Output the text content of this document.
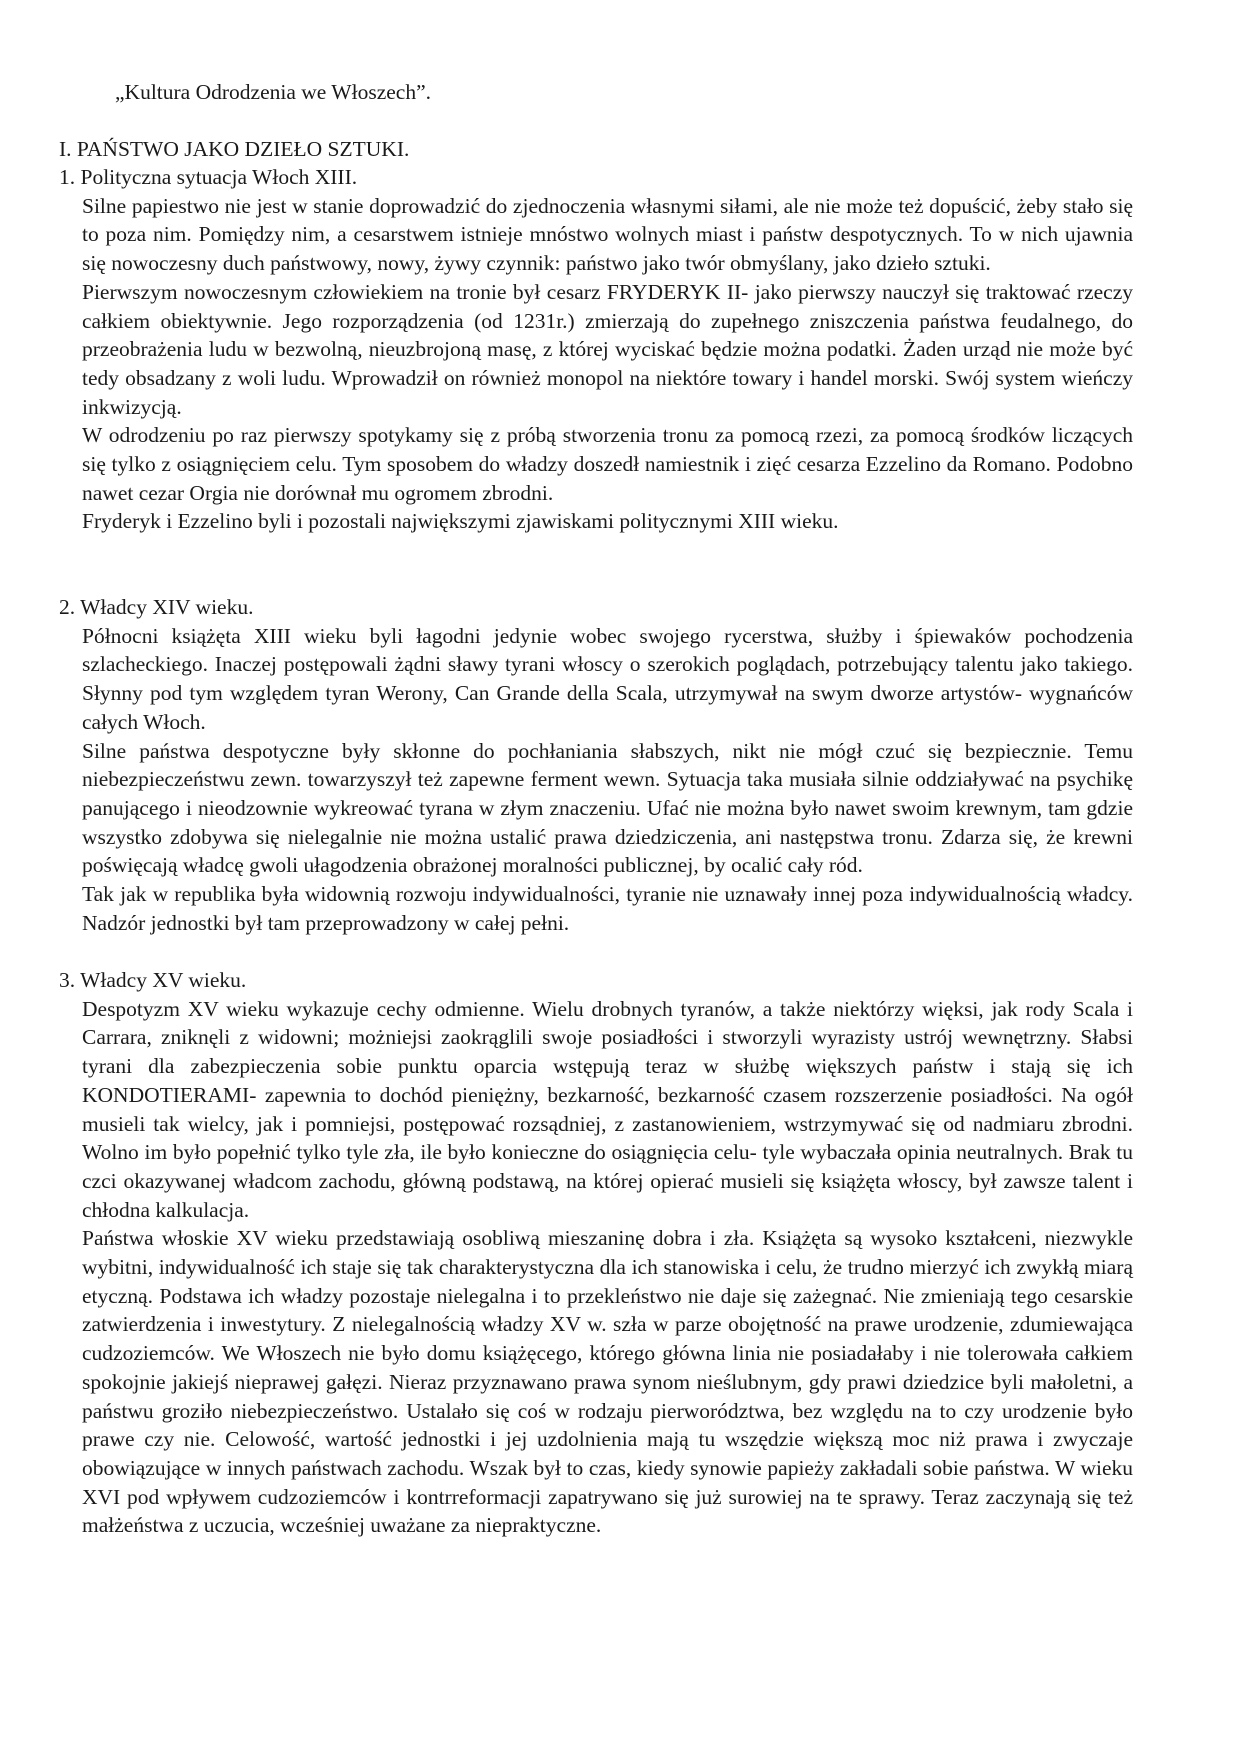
„Kultura Odrodzenia we Włoszech”.
I. PAŃSTWO JAKO DZIEŁO SZTUKI.
1. Polityczna sytuacja Włoch XIII.

Silne papiestwo nie jest w stanie doprowadzić do zjednoczenia własnymi siłami, ale nie może też dopuścić, żeby stało się to poza nim. Pomiędzy nim, a cesarstwem istnieje mnóstwo wolnych miast i państw despotycznych. To w nich ujawnia się nowoczesny duch państwowy, nowy, żywy czynnik: państwo jako twór obmyślany, jako dzieło sztuki.

Pierwszym nowoczesnym człowiekiem na tronie był cesarz FRYDERYK II- jako pierwszy nauczył się traktować rzeczy całkiem obiektywnie. Jego rozporządzenia (od 1231r.) zmierzają do zupełnego zniszczenia państwa feudalnego, do przeobrażenia ludu w bezwolną, nieuzbrojoną masę, z której wyciskać będzie można podatki. Żaden urząd nie może być tedy obsadzany z woli ludu. Wprowadził on również monopol na niektóre towary i handel morski. Swój system wieńczy inkwizycją.

W odrodzeniu po raz pierwszy spotykamy się z próbą stworzenia tronu za pomocą rzezi, za pomocą środków liczących się tylko z osiągnięciem celu. Tym sposobem do władzy doszedł namiestnik i zięć cesarza Ezzelino da Romano. Podobno nawet cezar Orgia nie dorównał mu ogromem zbrodni.

Fryderyk i Ezzelino byli i pozostali największymi zjawiskami politycznymi XIII wieku.

2. Władcy XIV wieku.

Północni książęta XIII wieku byli łagodni jedynie wobec swojego rycerstwa, służby i śpiewaków pochodzenia szlacheckiego. Inaczej postępowali żądni sławy tyrani włoscy o szerokich poglądach, potrzebujący talentu jako takiego. Słynny pod tym względem tyran Werony, Can Grande della Scala, utrzymywał na swym dworze artystów- wygnańców całych Włoch.

Silne państwa despotyczne były skłonne do pochłaniania słabszych, nikt nie mógł czuć się bezpiecznie. Temu niebezpieczeństwu zewn. towarzyszył też zapewne ferment wewn. Sytuacja taka musiała silnie oddziaływać na psychikę panującego i nieodzownie wykreować tyrana w złym znaczeniu. Ufać nie można było nawet swoim krewnym, tam gdzie wszystko zdobywa się nielegalnie nie można ustalić prawa dziedziczenia, ani następstwa tronu. Zdarza się, że krewni poświęcają władcę gwoli ułagodzenia obrażonej moralności publicznej, by ocalić cały ród.

Tak jak w republika była widownią rozwoju indywidualności, tyranie nie uznawały innej poza indywidualnością władcy. Nadzór jednostki był tam przeprowadzony w całej pełni.

3. Władcy XV wieku.

Despotyzm XV wieku wykazuje cechy odmienne. Wielu drobnych tyranów, a także niektórzy więksi, jak rody Scala i Carrara, zniknęli z widowni; możniejsi zaokrąglili swoje posiadłości i stworzyli wyrazisty ustrój wewnętrzny. Słabsi tyrani dla zabezpieczenia sobie punktu oparcia wstępują teraz w służbę większych państw i stają się ich KONDOTIERAMI- zapewnia to dochód pieniężny, bezkarność, bezkarność czasem rozszerzenie posiadłości. Na ogół musieli tak wielcy, jak i pomniejsi, postępować rozsądniej, z zastanowieniem, wstrzymywać się od nadmiaru zbrodni. Wolno im było popełnić tylko tyle zła, ile było konieczne do osiągnięcia celu- tyle wybaczała opinia neutralnych. Brak tu czci okazywanej władcom zachodu, główną podstawą, na której opierać musieli się książęta włoscy, był zawsze talent i chłodna kalkulacja.

Państwa włoskie XV wieku przedstawiają osobliwą mieszaninę dobra i zła. Książęta są wysoko kształceni, niezwykle wybitni, indywidualność ich staje się tak charakterystyczna dla ich stanowiska i celu, że trudno mierzyć ich zwykłą miarą etyczną. Podstawa ich władzy pozostaje nielegalna i to przekleństwo nie daje się zażegnać. Nie zmieniają tego cesarskie zatwierdzenia i inwestytury. Z nielegalnością władzy XV w. szła w parze obojętność na prawe urodzenie, zdumiewająca cudzoziemców. We Włoszech nie było domu książęcego, którego główna linia nie posiadałaby i nie tolerowała całkiem spokojnie jakiejś nieprawej gałęzi. Nieraz przyznawano prawa synom nieślubnym, gdy prawi dziedzice byli małoletni, a państwu groziło niebezpieczeństwo. Ustalało się coś w rodzaju pierworództwa, bez względu na to czy urodzenie było prawe czy nie. Celowość, wartość jednostki i jej uzdolnienia mają tu wszędzie większą moc niż prawa i zwyczaje obowiązujące w innych państwach zachodu. Wszak był to czas, kiedy synowie papieży zakładali sobie państwa. W wieku XVI pod wpływem cudzoziemców i kontrreformacji zapatrywano się już surowiej na te sprawy. Teraz zaczynają się też małżeństwa z uczucia, wcześniej uważane za niepraktyczne.
